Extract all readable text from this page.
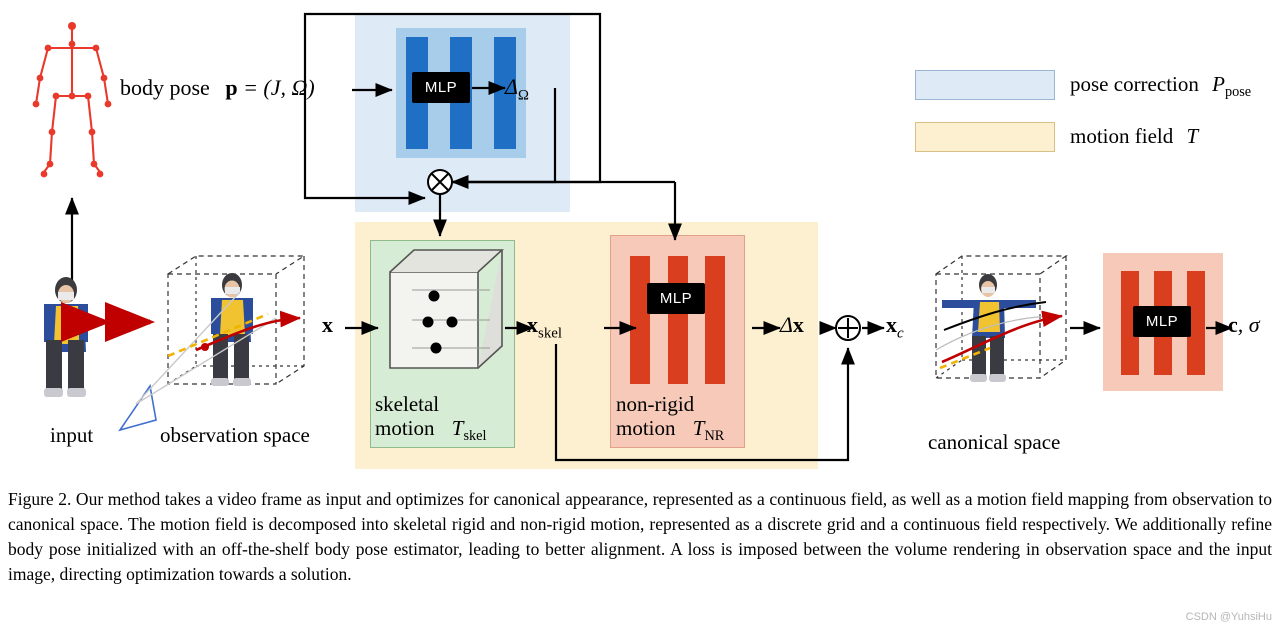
MLP
MLP
MLP
body pose p = (J, Ω)	$\Delta_\Omega$
x	$x_{skel}$	Δx	$x_c$	c, σ
skeletal
motion $T_{skel}$
non-rigid
motion $T_{NR}$
input	observation space	canonical space
pose correction $P_{pose}$
motion field T
Figure 2. Our method takes a video frame as input and optimizes for canonical appearance, represented as a continuous field, as well as a motion field mapping from observation to canonical space. The motion field is decomposed into skeletal rigid and non-rigid motion, represented as a discrete grid and a continuous field respectively. We additionally refine body pose initialized with an off-the-shelf body pose estimator, leading to better alignment. A loss is imposed between the volume rendering in observation space and the input image, directing optimization towards a solution.
CSDN @YuhsiHu
